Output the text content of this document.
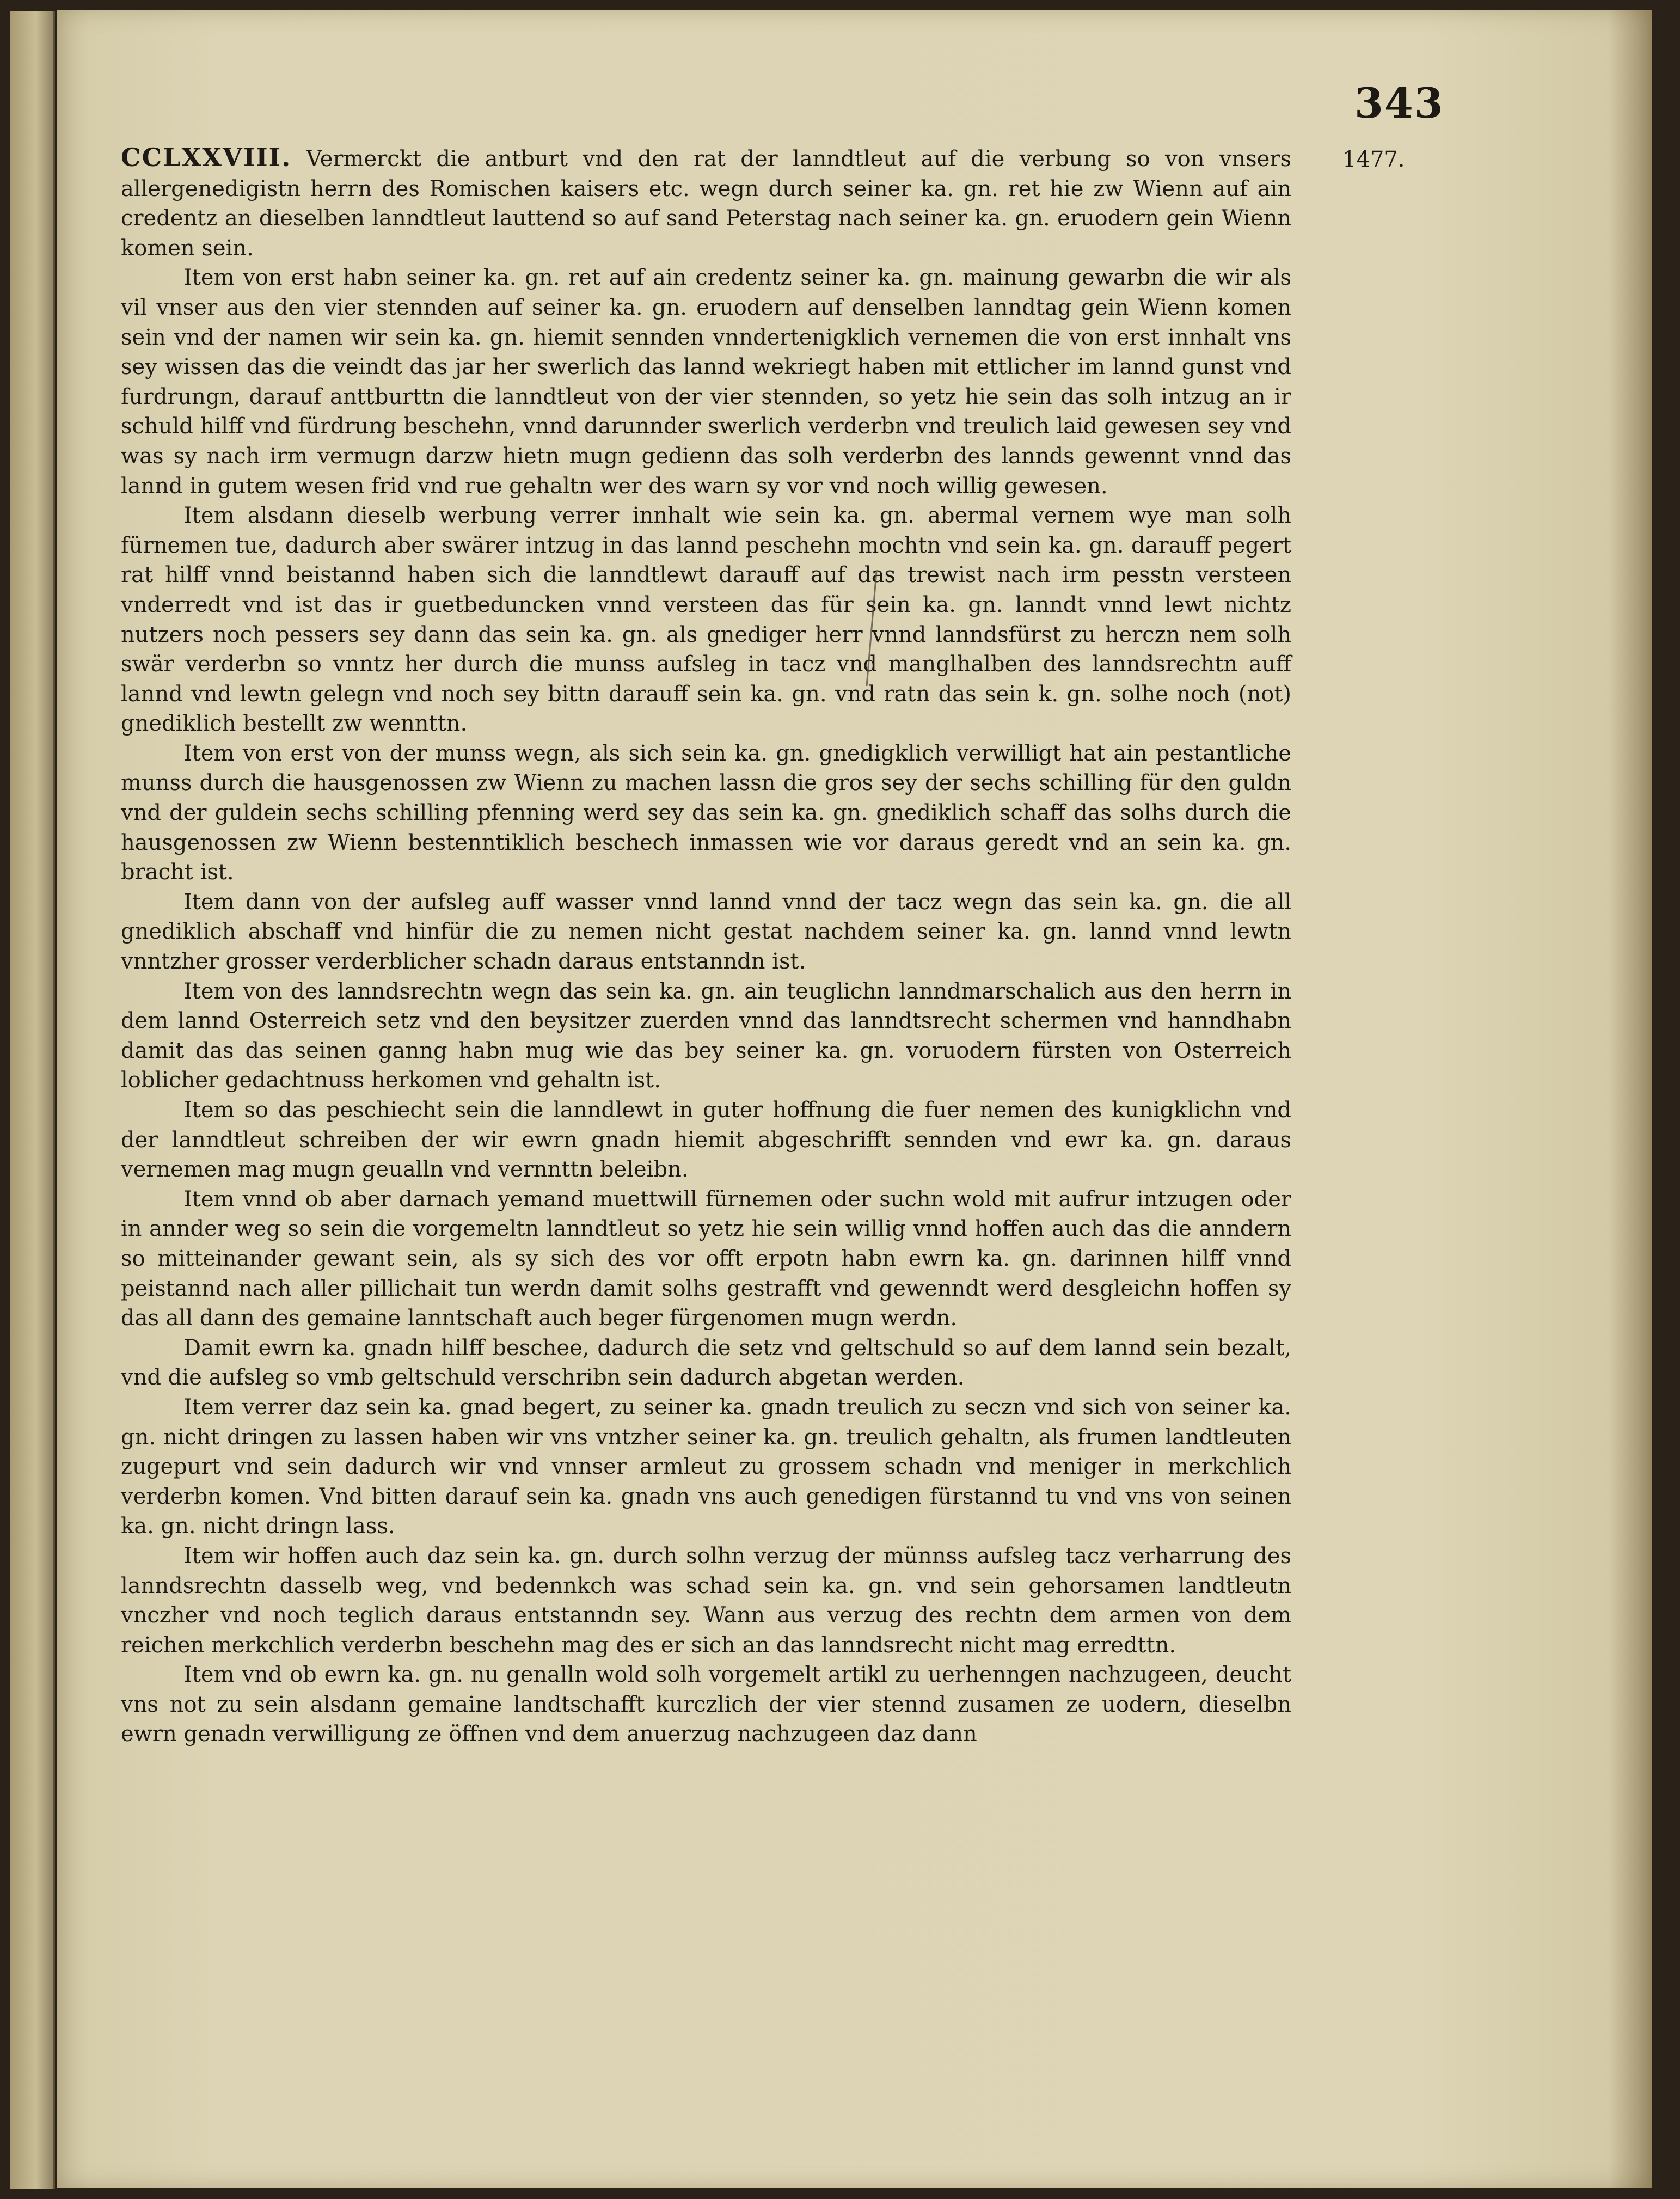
343
1477.

CCLXXVIII. Vermerckt die antburt vnd den rat der lanndtleut auf die verbung so von vnsers allergenedigistn herrn des Romischen kaisers etc. wegn durch seiner ka. gn. ret hie zw Wienn auf ain credentz an dieselben lanndtleut lauttend so auf sand Peterstag nach seiner ka. gn. eruodern gein Wienn komen sein.

Item von erst habn seiner ka. gn. ret auf ain credentz seiner ka. gn. mainung gewarbn die wir als vil vnser aus den vier stennden auf seiner ka. gn. eruodern auf denselben lanndtag gein Wienn komen sein vnd der namen wir sein ka. gn. hiemit sennden vnndertenigklich vernemen die von erst innhalt vns sey wissen das die veindt das jar her swerlich das lannd wekriegt haben mit ettlicher im lannd gunst vnd furdrungn, darauf anttburttn die lanndtleut von der vier stennden, so yetz hie sein das solh intzug an ir schuld hilff vnd fürdrung beschehn, vnnd darunnder swerlich verderbn vnd treulich laid gewesen sey vnd was sy nach irm vermugn darzw hietn mugn gedienn das solh verderbn des lannds gewennt vnnd das lannd in gutem wesen frid vnd rue gehaltn wer des warn sy vor vnd noch willig gewesen.

Item alsdann dieselb werbung verrer innhalt wie sein ka. gn. abermal vernem wye man solh fürnemen tue, dadurch aber swärer intzug in das lannd peschehn mochtn vnd sein ka. gn. darauff pegert rat hilff vnnd beistannd haben sich die lanndtlewt darauff auf das trewist nach irm pesstn versteen vnderredt vnd ist das ir guetbeduncken vnnd versteen das für sein ka. gn. lanndt vnnd lewt nichtz nutzers noch pessers sey dann das sein ka. gn. als gnediger herr vnnd lanndsfürst zu herczn nem solh swär verderbn so vnntz her durch die munss aufsleg in tacz vnd manglhalben des lanndsrechtn auff lannd vnd lewtn gelegn vnd noch sey bittn darauff sein ka. gn. vnd ratn das sein k. gn. solhe noch (not) gnediklich bestellt zw wennttn.

Item von erst von der munss wegn, als sich sein ka. gn. gnedigklich verwilligt hat ain pestantliche munss durch die hausgenossen zw Wienn zu machen lassn die gros sey der sechs schilling für den guldn vnd der guldein sechs schilling pfenning werd sey das sein ka. gn. gnediklich schaff das solhs durch die hausgenossen zw Wienn bestenntiklich beschech inmassen wie vor daraus geredt vnd an sein ka. gn. bracht ist.

Item dann von der aufsleg auff wasser vnnd lannd vnnd der tacz wegn das sein ka. gn. die all gnediklich abschaff vnd hinfür die zu nemen nicht gestat nachdem seiner ka. gn. lannd vnnd lewtn vnntzher grosser verderblicher schadn daraus entstanndn ist.

Item von des lanndsrechtn wegn das sein ka. gn. ain teuglichn lanndmarschalich aus den herrn in dem lannd Osterreich setz vnd den beysitzer zuerden vnnd das lanndtsrecht schermen vnd hanndhabn damit das das seinen ganng habn mug wie das bey seiner ka. gn. voruodern fürsten von Osterreich loblicher gedachtnuss herkomen vnd gehaltn ist.

Item so das peschiecht sein die lanndlewt in guter hoffnung die fuer nemen des kunigklichn vnd der lanndtleut schreiben der wir ewrn gnadn hiemit abgeschrifft sennden vnd ewr ka. gn. daraus vernemen mag mugn geualln vnd vernnttn beleibn.

Item vnnd ob aber darnach yemand muettwill fürnemen oder suchn wold mit aufrur intzugen oder in annder weg so sein die vorgemeltn lanndtleut so yetz hie sein willig vnnd hoffen auch das die anndern so mitteinander gewant sein, als sy sich des vor offt erpotn habn ewrn ka. gn. darinnen hilff vnnd peistannd nach aller pillichait tun werdn damit solhs gestrafft vnd gewenndt werd desgleichn hoffen sy das all dann des gemaine lanntschaft auch beger fürgenomen mugn werdn.

Damit ewrn ka. gnadn hilff beschee, dadurch die setz vnd geltschuld so auf dem lannd sein bezalt, vnd die aufsleg so vmb geltschuld verschribn sein dadurch abgetan werden.

Item verrer daz sein ka. gnad begert, zu seiner ka. gnadn treulich zu seczn vnd sich von seiner ka. gn. nicht dringen zu lassen haben wir vns vntzher seiner ka. gn. treulich gehaltn, als frumen landtleuten zugepurt vnd sein dadurch wir vnd vnnser armleut zu grossem schadn vnd meniger in merkchlich verderbn komen. Vnd bitten darauf sein ka. gnadn vns auch genedigen fürstannd tu vnd vns von seinen ka. gn. nicht dringn lass.

Item wir hoffen auch daz sein ka. gn. durch solhn verzug der münnss aufsleg tacz verharrung des lanndsrechtn dasselb weg, vnd bedennkch was schad sein ka. gn. vnd sein gehorsamen landtleutn vnczher vnd noch teglich daraus entstanndn sey. Wann aus verzug des rechtn dem armen von dem reichen merkchlich verderbn beschehn mag des er sich an das lanndsrecht nicht mag erredttn.

Item vnd ob ewrn ka. gn. nu genalln wold solh vorgemelt artikl zu uerhenngen nachzugeen, deucht vns not zu sein alsdann gemaine landtschafft kurczlich der vier stennd zusamen ze uodern, dieselbn ewrn genadn verwilligung ze öffnen vnd dem anuerzug nachzugeen daz dann
